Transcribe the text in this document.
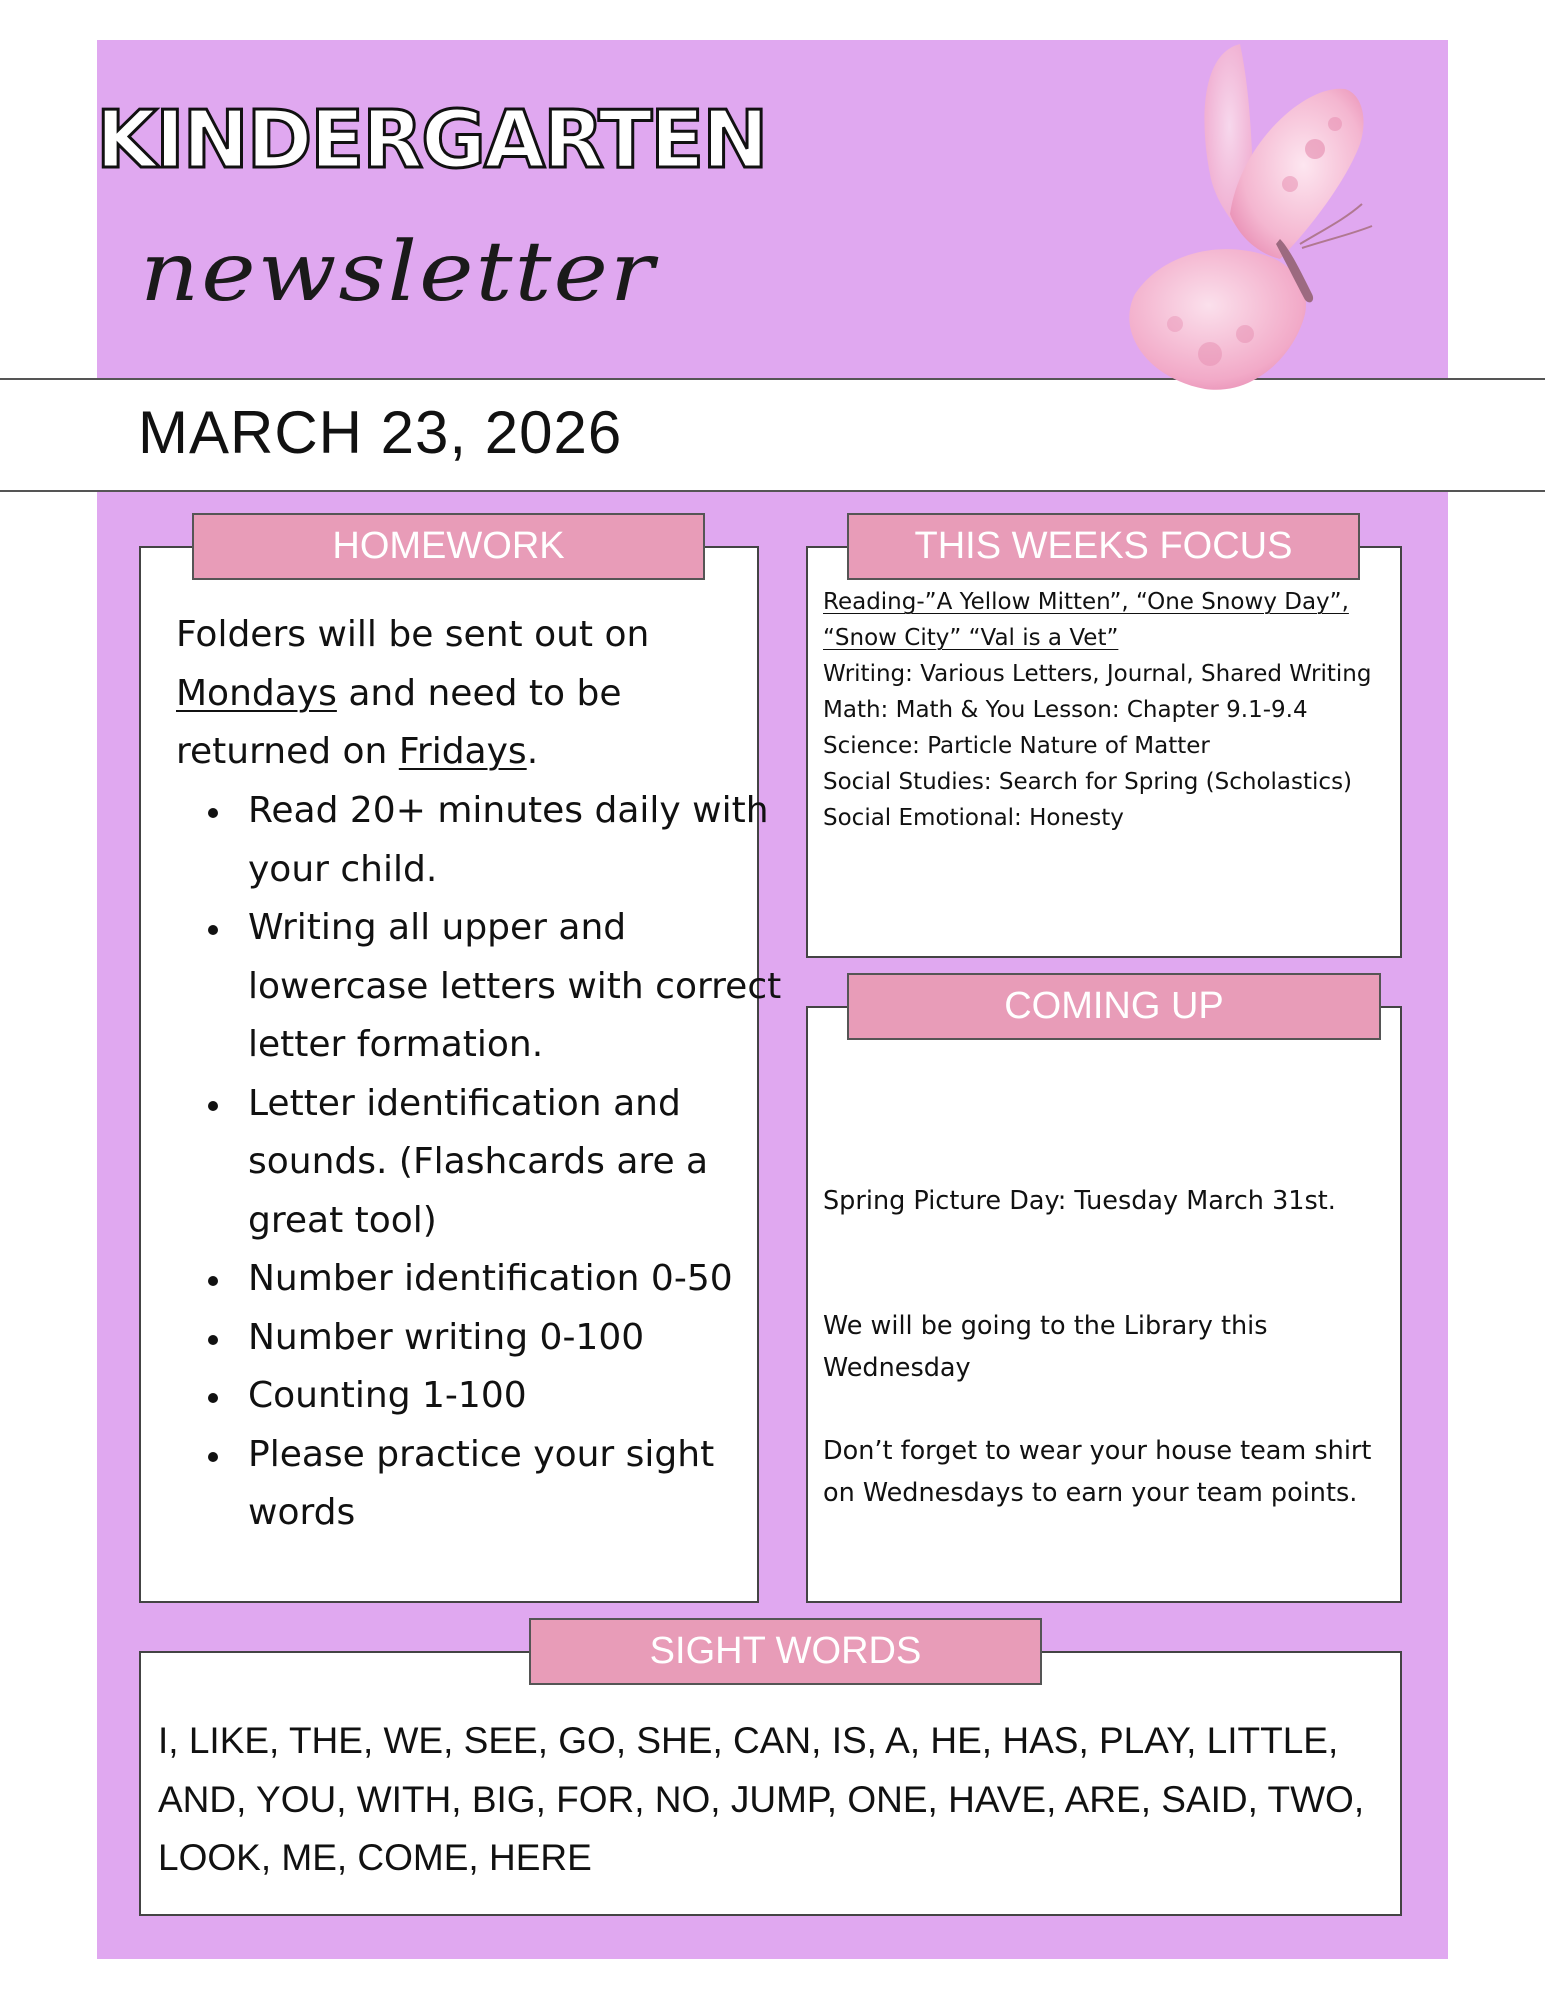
KINDERGARTEN
newsletter
MARCH 23, 2026
HOMEWORK

Folders will be sent out on Mondays and need to be returned on Fridays.

Read 20+ minutes daily with your child.
Writing all upper and lowercase letters with correct letter formation.
Letter identification and sounds. (Flashcards are a great tool)
Number identification 0-50
Number writing 0-100
Counting 1-100
Please practice your sight words
THIS WEEKS FOCUS
Reading-”A Yellow Mitten”, “One Snowy Day”,
“Snow City” “Val is a Vet”
Writing: Various Letters, Journal, Shared Writing
Math: Math & You Lesson: Chapter 9.1-9.4
Science: Particle Nature of Matter
Social Studies: Search for Spring (Scholastics)
Social Emotional: Honesty
COMING UP

Spring Picture Day: Tuesday March 31st.

We will be going to the Library this Wednesday

Don’t forget to wear your house team shirt on Wednesdays to earn your team points.

SIGHT WORDS

I, LIKE, THE, WE, SEE, GO, SHE, CAN, IS, A, HE, HAS, PLAY, LITTLE, AND, YOU, WITH, BIG, FOR, NO, JUMP, ONE, HAVE, ARE, SAID, TWO, LOOK, ME, COME, HERE
